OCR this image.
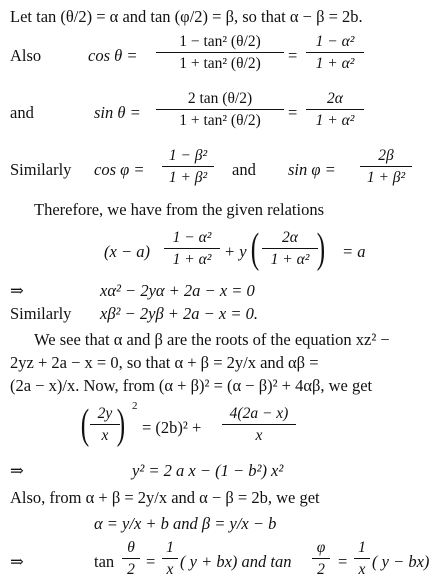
Let tan (θ/2) = α and tan (φ/2) = β, so that α − β = 2b.
Also	cos θ =
1 − tan² (θ/2)
1 + tan² (θ/2)	=
1 − α²
1 + α²
and	sin θ =
2 tan (θ/2)
1 + tan² (θ/2)	=
2α
1 + α²
Similarly cos φ =
1 − β²
1 + β²	and sin φ =
2β
1 + β²
Therefore, we have from the given relations
(x − a)
1 − α²
1 + α² + y (	2α
1 + α² ) = a
⇒	xα² − 2yα + 2a − x = 0
Similarly xβ² − 2yβ + 2a − x = 0.
We see that α and β are the roots of the equation xz² −
2yz + 2a − x = 0, so that α + β = 2y/x and αβ =
(2a − x)/x. Now, from (α + β)² = (α − β)² + 4αβ, we get
( 2y
x ) 2
= (2b)² +
4(2a − x)
x
⇒	y² = 2 a x − (1 − b²) x²
Also, from α + β = 2y/x and α − β = 2b, we get
α = y/x + b and β = y/x − b
⇒	tan
θ
2 =
1
x ( y + bx) and tan
φ
2 =
1
x ( y − bx)
